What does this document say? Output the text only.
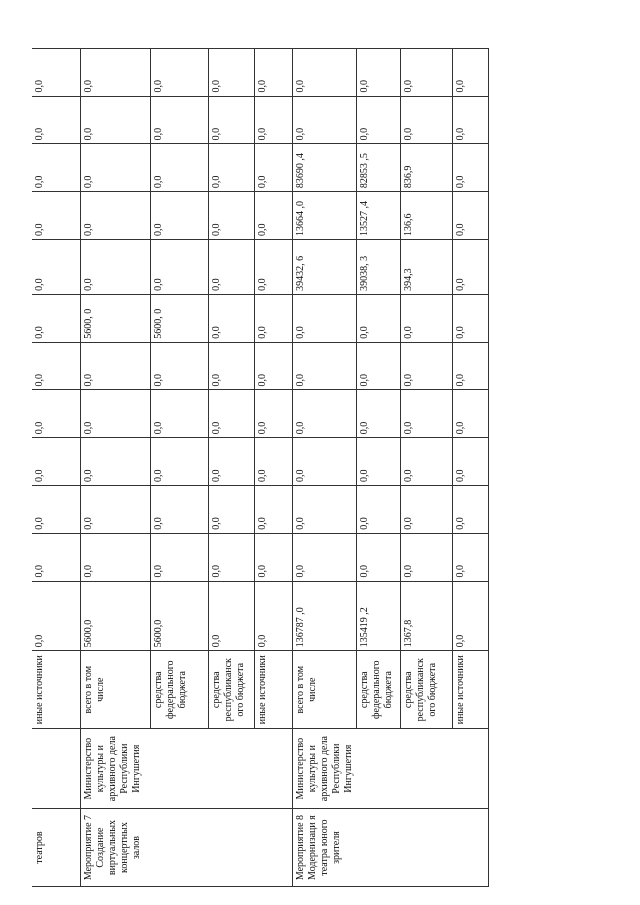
театров		иные источники	0,0	0,0	0,0	0,0	0,0	0,0	0,0	0,0	0,0	0,0	0,0	0,0
Мероприятие 7 Создание виртуальных концертных залов	Министерство культуры и архивного дела Республики Ингушетия	всего в том числе	5600,0	0,0	0,0	0,0	0,0	0,0	5600, 0	0,0	0,0	0,0	0,0	0,0
		средства федерального бюджета	5600,0	0,0	0,0	0,0	0,0	0,0	5600, 0	0,0	0,0	0,0	0,0	0,0
		средства республиканск ого бюджета	0,0	0,0	0,0	0,0	0,0	0,0	0,0	0,0	0,0	0,0	0,0	0,0
		иные источники	0,0	0,0	0,0	0,0	0,0	0,0	0,0	0,0	0,0	0,0	0,0	0,0
Мероприятие 8 Модернизаци я театра юного зрителя	Министерство культуры и архивного дела Республики Ингушетия	всего в том числе	136787 ,0	0,0	0,0	0,0	0,0	0,0	0,0	39432, 6	13664 ,0	83690 ,4	0,0	0,0
		средства федерального бюджета	135419 ,2	0,0	0,0	0,0	0,0	0,0	0,0	39038, 3	13527 ,4	82853 ,5	0,0	0,0
		средства республиканск ого бюджета	1367,8	0,0	0,0	0,0	0,0	0,0	0,0	394,3	136,6	836,9	0,0	0,0
		иные источники	0,0	0,0	0,0	0,0	0,0	0,0	0,0	0,0	0,0	0,0	0,0	0,0
